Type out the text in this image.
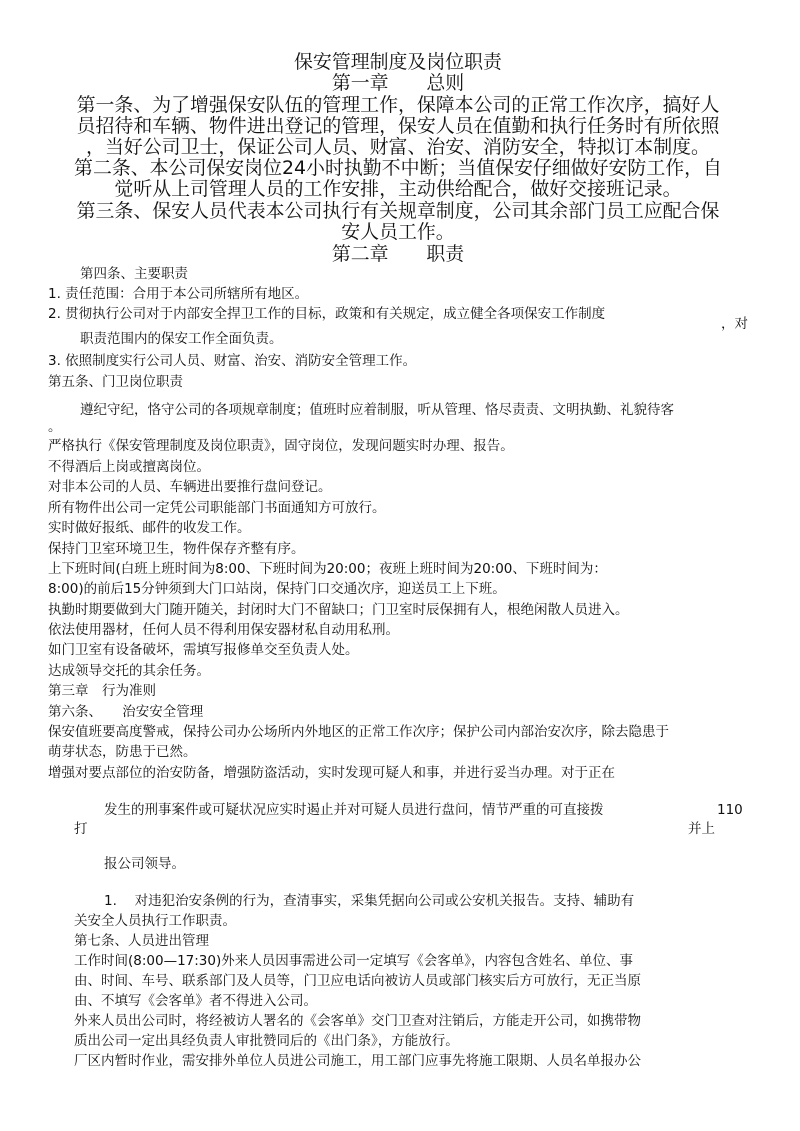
保安管理制度及岗位职责
第一章　　总则
第一条、为了增强保安队伍的管理工作，保障本公司的正常工作次序，搞好人
员招待和车辆、物件进出登记的管理，保安人员在值勤和执行任务时有所依照
，当好公司卫士，保证公司人员、财富、治安、消防安全，特拟订本制度。
第二条、本公司保安岗位24小时执勤不中断；当值保安仔细做好安防工作，自
觉听从上司管理人员的工作安排，主动供给配合，做好交接班记录。
第三条、保安人员代表本公司执行有关规章制度，公司其余部门员工应配合保
安人员工作。
第二章　　职责
第四条、主要职责
1. 责任范围：合用于本公司所辖所有地区。
2. 贯彻执行公司对于内部安全捍卫工作的目标，政策和有关规定，成立健全各项保安工作制度
，对
职责范围内的保安工作全面负责。
3. 依照制度实行公司人员、财富、治安、消防安全管理工作。
第五条、门卫岗位职责
遵纪守纪，恪守公司的各项规章制度；值班时应着制服，听从管理、恪尽责责、文明执勤、礼貌待客
。
严格执行《保安管理制度及岗位职责》，固守岗位，发现问题实时办理、报告。
不得酒后上岗或擅离岗位。
对非本公司的人员、车辆进出要推行盘问登记。
所有物件出公司一定凭公司职能部门书面通知方可放行。
实时做好报纸、邮件的收发工作。
保持门卫室环境卫生，物件保存齐整有序。
上下班时间(白班上班时间为8:00、下班时间为20:00；夜班上班时间为20:00、下班时间为：
8:00)的前后15分钟须到大门口站岗，保持门口交通次序，迎送员工上下班。
执勤时期要做到大门随开随关，封闭时大门不留缺口；门卫室时辰保拥有人，根绝闲散人员进入。
依法使用器材，任何人员不得利用保安器材私自动用私刑。
如门卫室有设备破坏，需填写报修单交至负责人处。
达成领导交托的其余任务。
第三章　行为准则
第六条、　　治安安全管理
保安值班要高度警戒，保持公司办公场所内外地区的正常工作次序；保护公司内部治安次序，除去隐患于
萌芽状态，防患于已然。
增强对要点部位的治安防备，增强防盗活动，实时发现可疑人和事，并进行妥当办理。对于正在
发生的刑事案件或可疑状况应实时遏止并对可疑人员进行盘问，情节严重的可直接拨	110
打	并上
报公司领导。
1.　 对违犯治安条例的行为，查清事实，采集凭据向公司或公安机关报告。支持、辅助有
关安全人员执行工作职责。
第七条、人员进出管理
工作时间(8:00—17:30)外来人员因事需进公司一定填写《会客单》，内容包含姓名、单位、事
由、时间、车号、联系部门及人员等，门卫应电话向被访人员或部门核实后方可放行，无正当原
由、不填写《会客单》者不得进入公司。
外来人员出公司时，将经被访人署名的《会客单》交门卫查对注销后，方能走开公司，如携带物
质出公司一定出具经负责人审批赞同后的《出门条》，方能放行。
厂区内暂时作业，需安排外单位人员进公司施工，用工部门应事先将施工限期、人员名单报办公
